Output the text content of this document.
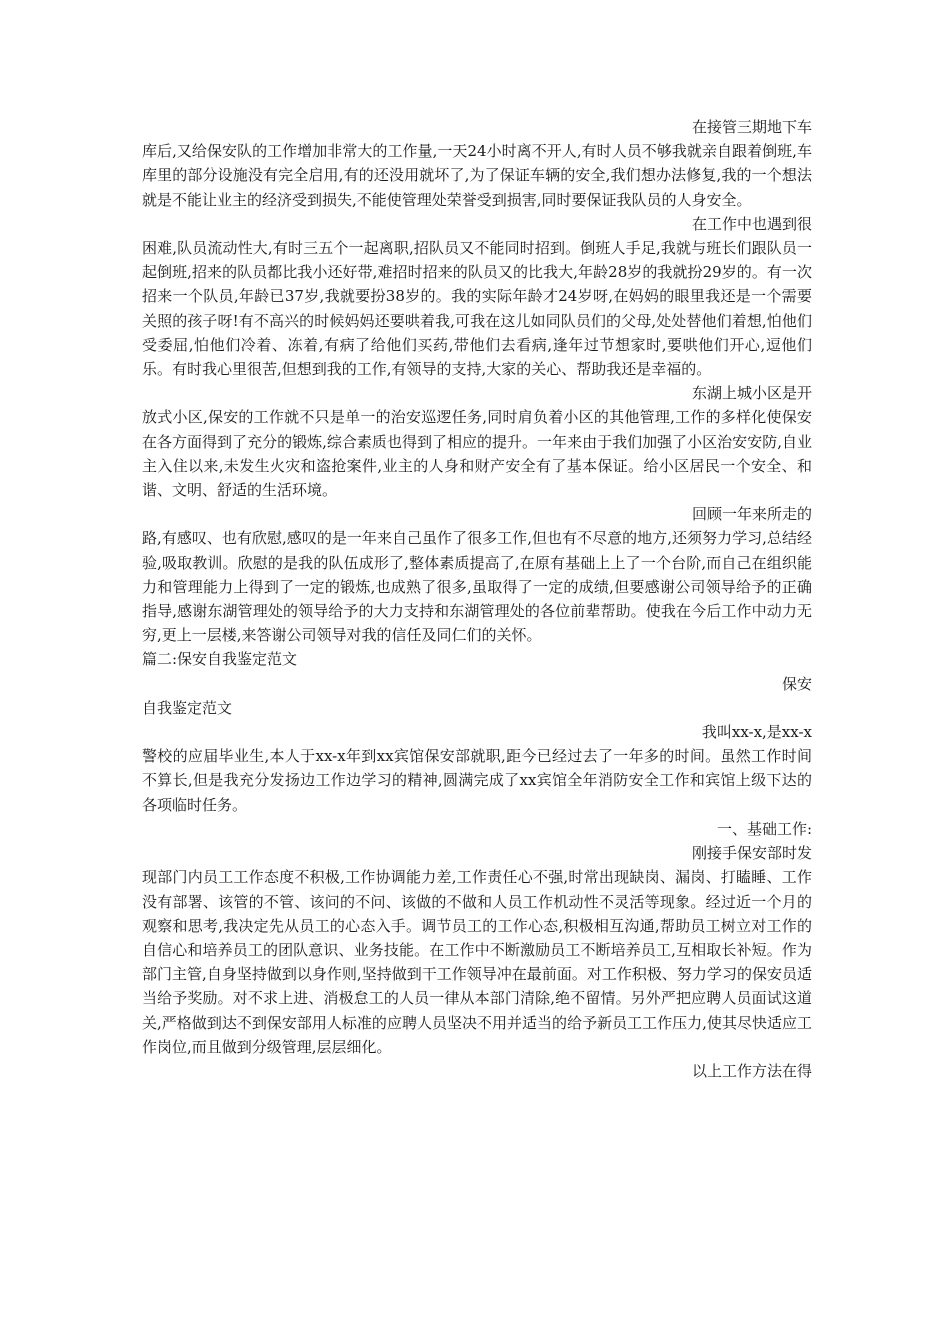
在接管三期地下车

库后,又给保安队的工作增加非常大的工作量,一天24小时离不开人,有时人员不够我就亲自跟着倒班,车库里的部分设施没有完全启用,有的还没用就坏了,为了保证车辆的安全,我们想办法修复,我的一个想法就是不能让业主的经济受到损失,不能使管理处荣誉受到损害,同时要保证我队员的人身安全。

在工作中也遇到很

困难,队员流动性大,有时三五个一起离职,招队员又不能同时招到。倒班人手足,我就与班长们跟队员一起倒班,招来的队员都比我小还好带,难招时招来的队员又的比我大,年龄28岁的我就扮29岁的。有一次招来一个队员,年龄已37岁,我就要扮38岁的。我的实际年龄才24岁呀,在妈妈的眼里我还是一个需要关照的孩子呀!有不高兴的时候妈妈还要哄着我,可我在这儿如同队员们的父母,处处替他们着想,怕他们受委屈,怕他们冷着、冻着,有病了给他们买药,带他们去看病,逢年过节想家时,要哄他们开心,逗他们乐。有时我心里很苦,但想到我的工作,有领导的支持,大家的关心、帮助我还是幸福的。

东湖上城小区是开

放式小区,保安的工作就不只是单一的治安巡逻任务,同时肩负着小区的其他管理,工作的多样化使保安在各方面得到了充分的锻炼,综合素质也得到了相应的提升。一年来由于我们加强了小区治安安防,自业主入住以来,未发生火灾和盗抢案件,业主的人身和财产安全有了基本保证。给小区居民一个安全、和谐、文明、舒适的生活环境。

回顾一年来所走的

路,有感叹、也有欣慰,感叹的是一年来自己虽作了很多工作,但也有不尽意的地方,还须努力学习,总结经验,吸取教训。欣慰的是我的队伍成形了,整体素质提高了,在原有基础上上了一个台阶,而自己在组织能力和管理能力上得到了一定的锻炼,也成熟了很多,虽取得了一定的成绩,但要感谢公司领导给予的正确指导,感谢东湖管理处的领导给予的大力支持和东湖管理处的各位前辈帮助。使我在今后工作中动力无穷,更上一层楼,来答谢公司领导对我的信任及同仁们的关怀。

篇二:保安自我鉴定范文

保安

自我鉴定范文

我叫xx-x,是xx-x

警校的应届毕业生,本人于xx-x年到xx宾馆保安部就职,距今已经过去了一年多的时间。虽然工作时间不算长,但是我充分发扬边工作边学习的精神,圆满完成了xx宾馆全年消防安全工作和宾馆上级下达的各项临时任务。

一、基础工作:

刚接手保安部时发

现部门内员工工作态度不积极,工作协调能力差,工作责任心不强,时常出现缺岗、漏岗、打瞌睡、工作没有部署、该管的不管、该问的不问、该做的不做和人员工作机动性不灵活等现象。经过近一个月的观察和思考,我决定先从员工的心态入手。调节员工的工作心态,积极相互沟通,帮助员工树立对工作的自信心和培养员工的团队意识、业务技能。在工作中不断激励员工不断培养员工,互相取长补短。作为部门主管,自身坚持做到以身作则,坚持做到干工作领导冲在最前面。对工作积极、努力学习的保安员适当给予奖励。对不求上进、消极怠工的人员一律从本部门清除,绝不留情。另外严把应聘人员面试这道关,严格做到达不到保安部用人标准的应聘人员坚决不用并适当的给予新员工工作压力,使其尽快适应工作岗位,而且做到分级管理,层层细化。

以上工作方法在得
